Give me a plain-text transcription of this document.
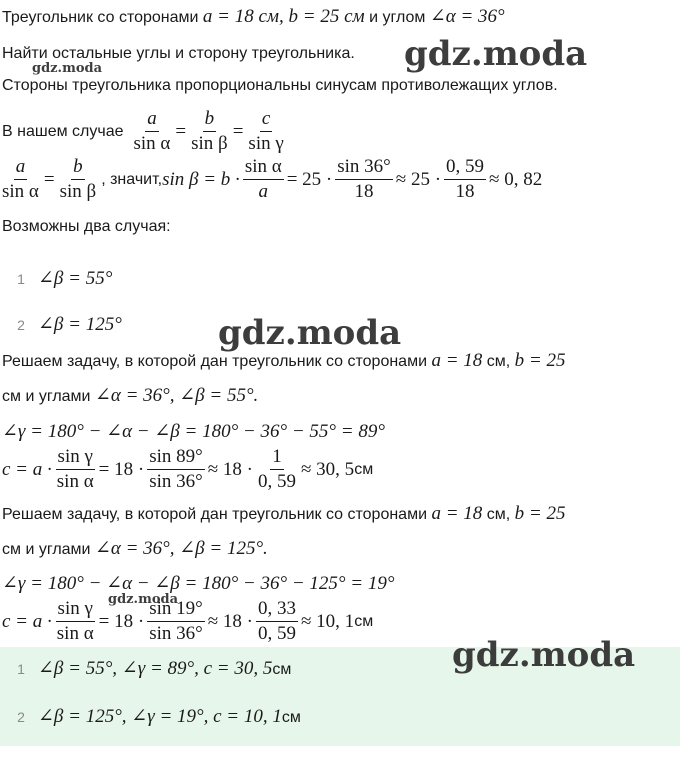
Треугольник со сторонами a = 18 см, b = 25 см и углом ∠α = 36°
Найти остальные углы и сторону треугольника.
Стороны треугольника пропорциональны синусам противолежащих углов.
В нашем случае $\frac{a}{\text{sin α}} = \frac{b}{\text{sin β}} = \frac{c}{\text{sin γ}}$
$\frac{a}{\text{sin α}} = \frac{b}{\text{sin β}}$ , значит, $\sin \beta = b \cdot \frac{\text{sin α}}{a} = 25 \cdot \frac{\sin 36^\circ}{18} \approx 25 \cdot \frac{0, 59}{18} \approx 0$, 82
Возможны два случая:
1 ∠β = 55°
2 ∠β = 125°
Решаем задачу, в которой дан треугольник со сторонами a = 18 см, b = 25
см и углами ∠α = 36°, ∠β = 55°.
∠γ = 180° − ∠α − ∠β = 180° − 36° − 55° = 89°
$c = a \cdot \frac{\text{sin γ}}{\text{sin α}} = 18 \cdot \frac{\sin 89^\circ}{\sin 36^\circ} \approx 18 \cdot \frac{1}{0, 59} \approx 30$, 5 см
Решаем задачу, в которой дан треугольник со сторонами a = 18 см, b = 25
см и углами ∠α = 36°, ∠β = 125°.
∠γ = 180° − ∠α − ∠β = 180° − 36° − 125° = 19°
$c = a \cdot \frac{\text{sin γ}}{\text{sin α}} = 18 \cdot \frac{\sin 19^\circ}{\sin 36^\circ} \approx 18 \cdot \frac{0, 33}{0, 59} \approx 10$, 1 см
1 ∠β = 55°, ∠γ = 89°, c = 30, 5см
2 ∠β = 125°, ∠γ = 19°, c = 10, 1см
gdz.moda
gdz.moda
gdz.moda
gdz.moda
gdz.moda
